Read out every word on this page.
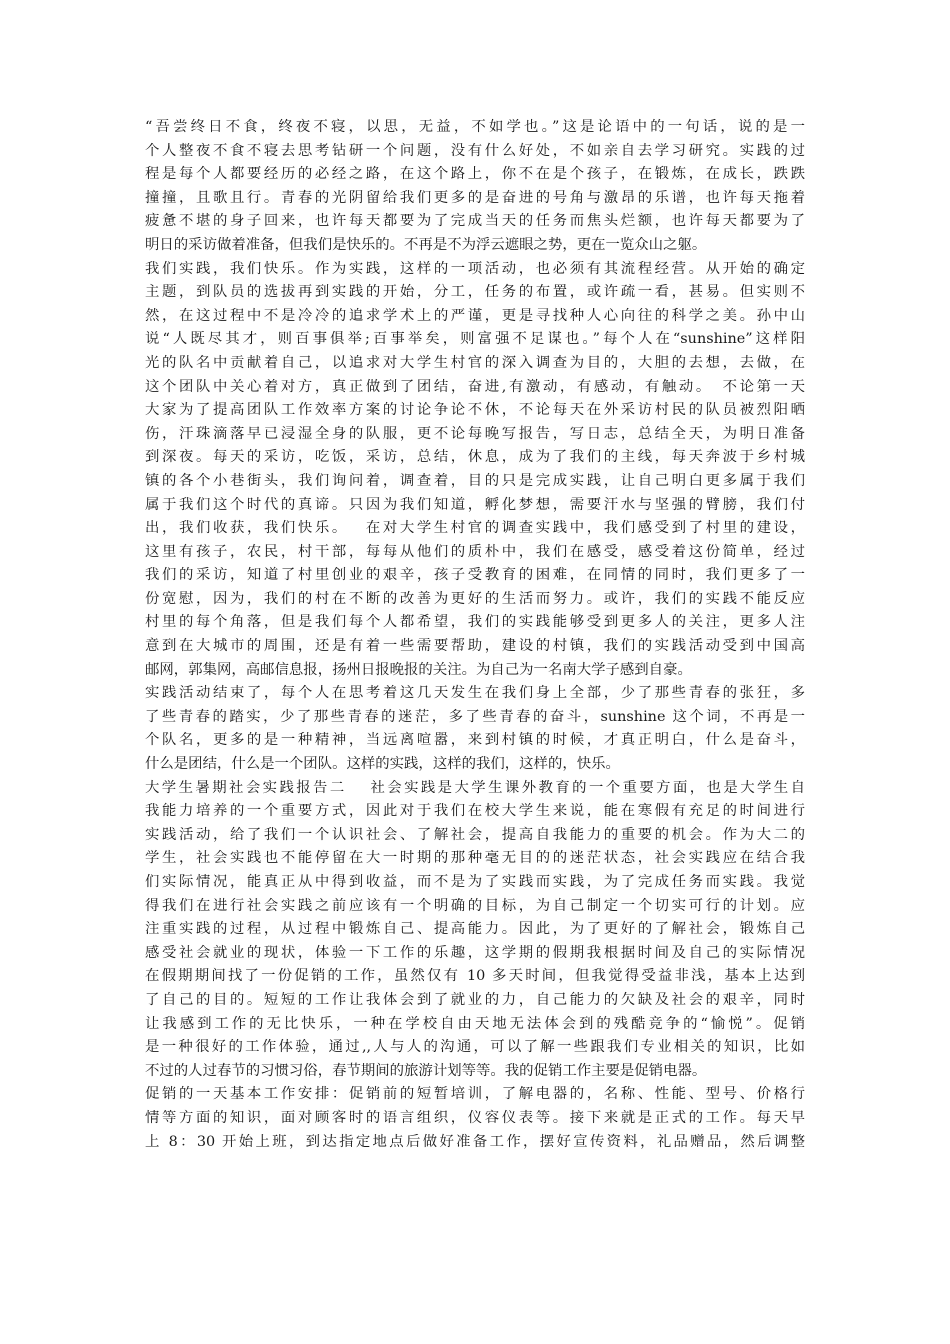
“吾尝终日不食，终夜不寝，以思，无益，不如学也。”这是论语中的一句话，说的是一
个人整夜不食不寝去思考钻研一个问题，没有什么好处，不如亲自去学习研究。实践的过
程是每个人都要经历的必经之路，在这个路上，你不在是个孩子，在锻炼，在成长，跌跌
撞撞，且歌且行。青春的光阴留给我们更多的是奋进的号角与激昂的乐谱，也许每天拖着
疲惫不堪的身子回来，也许每天都要为了完成当天的任务而焦头烂额，也许每天都要为了
明日的采访做着准备，但我们是快乐的。不再是不为浮云遮眼之势，更在一览众山之躯。
我们实践，我们快乐。作为实践，这样的一项活动，也必须有其流程经营。从开始的确定
主题，到队员的选拔再到实践的开始，分工，任务的布置，或许疏一看，甚易。但实则不
然，在这过程中不是冷冷的追求学术上的严谨，更是寻找种人心向往的科学之美。孙中山
说“人既尽其才，则百事俱举;百事举矣，则富强不足谋也。”每个人在“sunshine”这样阳
光的队名中贡献着自己，以追求对大学生村官的深入调查为目的，大胆的去想，去做，在
这个团队中关心着对方，真正做到了团结，奋进,有激动，有感动，有触动。　不论第一天
大家为了提高团队工作效率方案的讨论争论不休，不论每天在外采访村民的队员被烈阳晒
伤，汗珠滴落早已浸湿全身的队服，更不论每晚写报告，写日志，总结全天，为明日准备
到深夜。每天的采访，吃饭，采访，总结，休息，成为了我们的主线，每天奔波于乡村城
镇的各个小巷街头，我们询问着，调查着，目的只是完成实践，让自己明白更多属于我们
属于我们这个时代的真谛。只因为我们知道，孵化梦想，需要汗水与坚强的臂膀，我们付
出，我们收获，我们快乐。　 在对大学生村官的调查实践中，我们感受到了村里的建设，
这里有孩子，农民，村干部，每每从他们的质朴中，我们在感受，感受着这份简单，经过
我们的采访，知道了村里创业的艰辛，孩子受教育的困难，在同情的同时，我们更多了一
份宽慰，因为，我们的村在不断的改善为更好的生活而努力。或许，我们的实践不能反应
村里的每个角落，但是我们每个人都希望，我们的实践能够受到更多人的关注，更多人注
意到在大城市的周围，还是有着一些需要帮助，建设的村镇，我们的实践活动受到中国高
邮网，郭集网，高邮信息报，扬州日报晚报的关注。为自己为一名南大学子感到自豪。
实践活动结束了，每个人在思考着这几天发生在我们身上全部，少了那些青春的张狂，多
了些青春的踏实，少了那些青春的迷茫，多了些青春的奋斗，sunshine 这个词，不再是一
个队名，更多的是一种精神，当远离喧嚣，来到村镇的时候，才真正明白，什么是奋斗，
什么是团结，什么是一个团队。这样的实践，这样的我们，这样的，快乐。
大学生暑期社会实践报告二　 社会实践是大学生课外教育的一个重要方面，也是大学生自
我能力培养的一个重要方式，因此对于我们在校大学生来说，能在寒假有充足的时间进行
实践活动，给了我们一个认识社会、了解社会，提高自我能力的重要的机会。作为大二的
学生，社会实践也不能停留在大一时期的那种毫无目的的迷茫状态，社会实践应在结合我
们实际情况，能真正从中得到收益，而不是为了实践而实践，为了完成任务而实践。我觉
得我们在进行社会实践之前应该有一个明确的目标，为自己制定一个切实可行的计划。应
注重实践的过程，从过程中锻炼自己、提高能力。因此，为了更好的了解社会，锻炼自己
感受社会就业的现状，体验一下工作的乐趣，这学期的假期我根据时间及自己的实际情况
在假期期间找了一份促销的工作，虽然仅有 10 多天时间，但我觉得受益非浅，基本上达到
了自己的目的。短短的工作让我体会到了就业的力，自己能力的欠缺及社会的艰辛，同时
让我感到工作的无比快乐，一种在学校自由天地无法体会到的残酷竞争的“愉悦”。促销
是一种很好的工作体验，通过,,人与人的沟通，可以了解一些跟我们专业相关的知识，比如
不过的人过春节的习惯习俗，春节期间的旅游计划等等。我的促销工作主要是促销电器。
促销的一天基本工作安排：促销前的短暂培训，了解电器的，名称、性能、型号、价格行
情等方面的知识，面对顾客时的语言组织，仪容仪表等。接下来就是正式的工作。每天早
上 8：30 开始上班，到达指定地点后做好准备工作，摆好宣传资料，礼品赠品，然后调整
